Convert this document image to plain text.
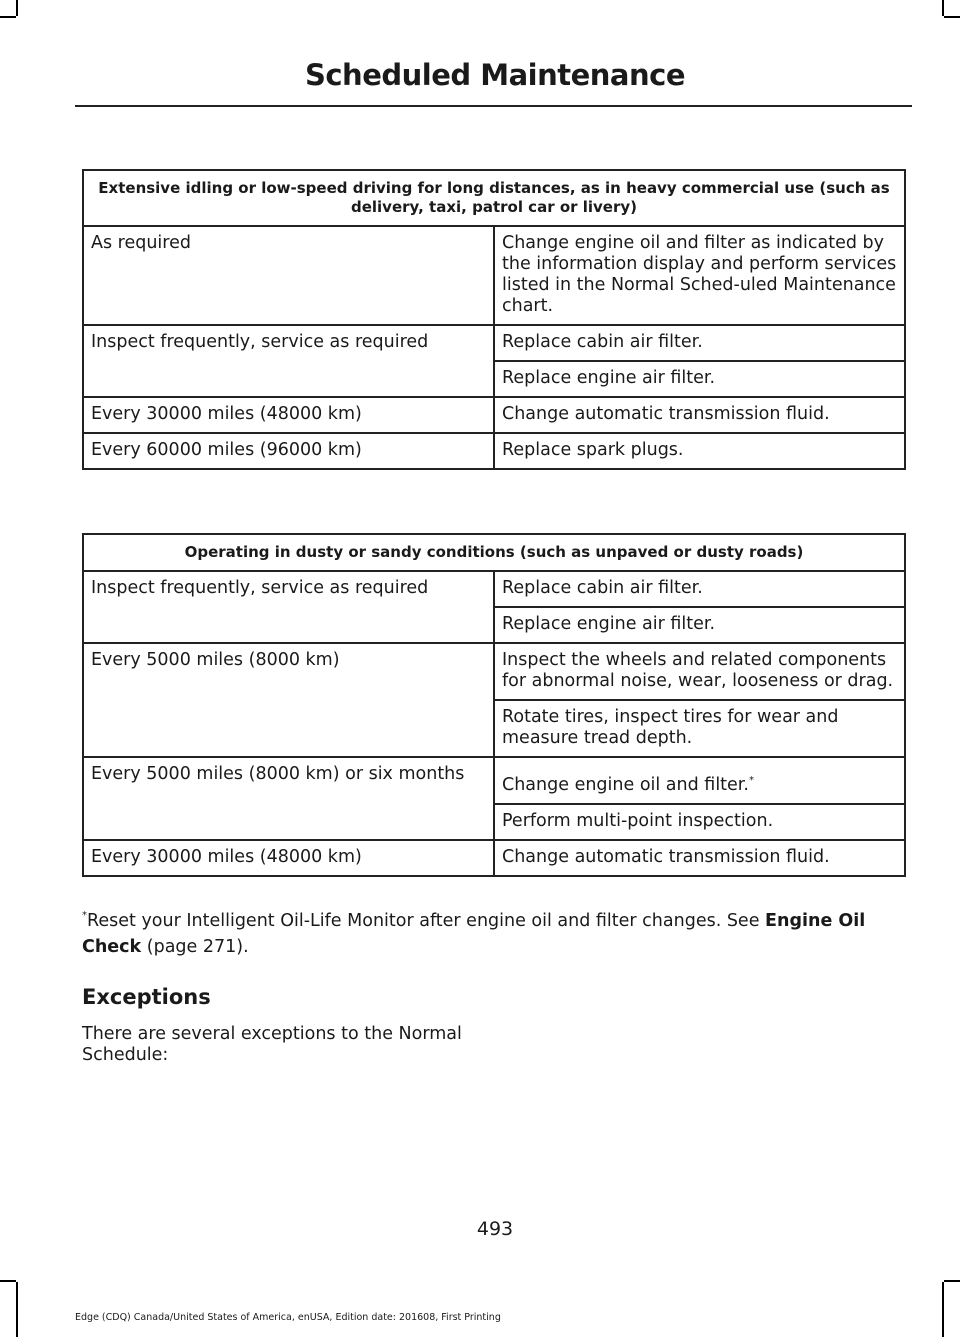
Scheduled Maintenance
Extensive idling or low-speed driving for long distances, as in heavy commercial use (such as delivery, taxi, patrol car or livery)	
As required	Change engine oil and filter as indicated by the information display and perform services listed in the Normal Sched-uled Maintenance chart.
Inspect frequently, service as required	Replace cabin air filter.
	Replace engine air filter.
Every 30000 miles (48000 km)	Change automatic transmission fluid.
Every 60000 miles (96000 km)	Replace spark plugs.
Operating in dusty or sandy conditions (such as unpaved or dusty roads)	
Inspect frequently, service as required	Replace cabin air filter.
	Replace engine air filter.
Every 5000 miles (8000 km)	Inspect the wheels and related components for abnormal noise, wear, looseness or drag.
	Rotate tires, inspect tires for wear and measure tread depth.
Every 5000 miles (8000 km) or six months	Change engine oil and filter.*
	Perform multi-point inspection.
Every 30000 miles (48000 km)	Change automatic transmission fluid.
*Reset your Intelligent Oil-Life Monitor after engine oil and filter changes. See Engine Oil Check (page 271).
Exceptions
There are several exceptions to the Normal Schedule:
493
Edge (CDQ) Canada/United States of America, enUSA, Edition date: 201608, First Printing
